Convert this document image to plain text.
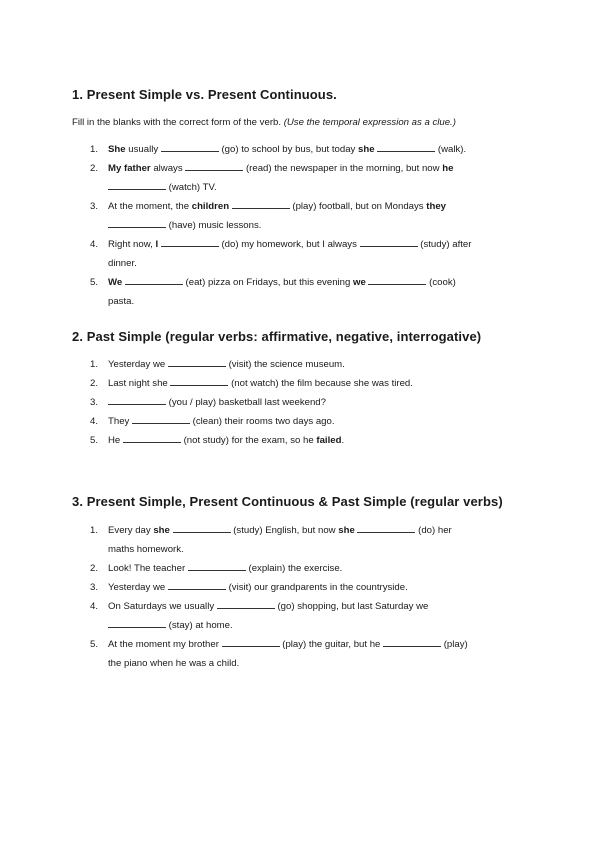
1. Present Simple vs. Present Continuous.
Fill in the blanks with the correct form of the verb. (Use the temporal expression as a clue.)
1. She usually	(go) to school by bus, but today she	(walk).
2. My father always	(read) the newspaper in the morning, but now he
(watch) TV.
3. At the moment, the children	(play) football, but on Mondays they
(have) music lessons.
4. Right now, I	(do) my homework, but I always	(study) after
dinner.
5. We	(eat) pizza on Fridays, but this evening we	(cook)
pasta.
2. Past Simple (regular verbs: affirmative, negative, interrogative)
1. Yesterday we	(visit) the science museum.
2. Last night she	(not watch) the film because she was tired.
3.	(you / play) basketball last weekend?
4. They	(clean) their rooms two days ago.
5. He	(not study) for the exam, so he failed.
3. Present Simple, Present Continuous & Past Simple (regular verbs)
1. Every day she	(study) English, but now she	(do) her
maths homework.
2. Look! The teacher	(explain) the exercise.
3. Yesterday we	(visit) our grandparents in the countryside.
4. On Saturdays we usually	(go) shopping, but last Saturday we
(stay) at home.
5. At the moment my brother	(play) the guitar, but he	(play)
the piano when he was a child.
